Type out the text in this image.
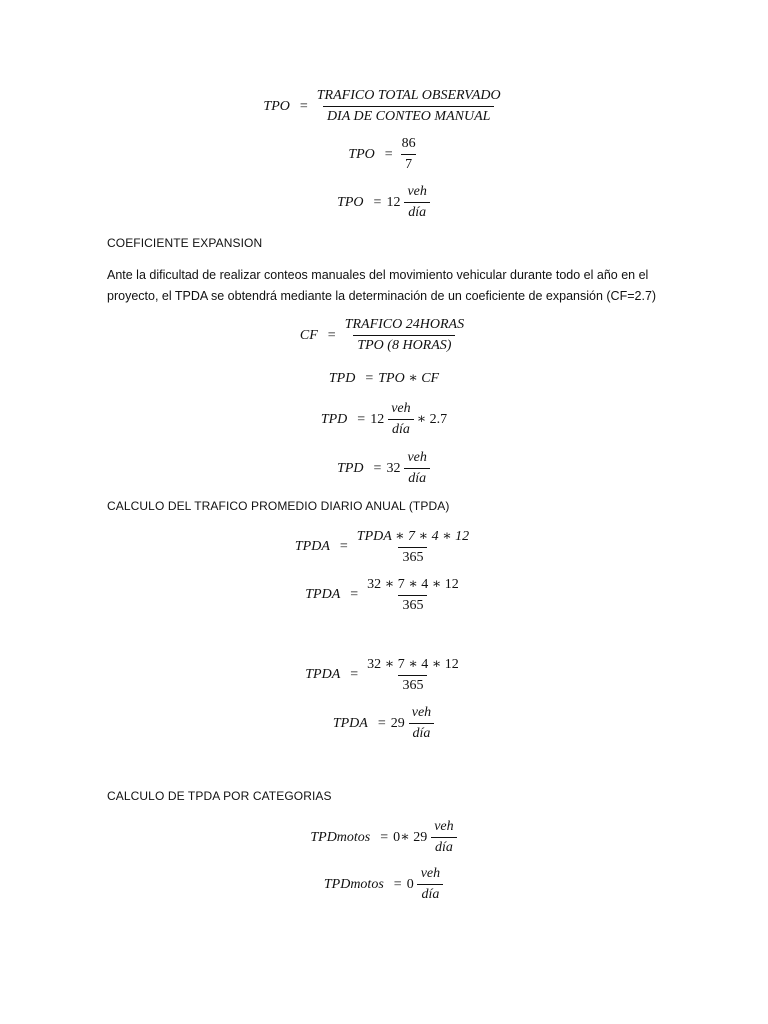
TPO = $\frac{\text{TRAFICO TOTAL OBSERVADO}}{\text{DIA DE CONTEO MANUAL}}$
TPO = $\frac{86}{7}$
TPO = $12 \frac{\text{veh}}{\text{día}}$
COEFICIENTE EXPANSION
Ante la dificultad de realizar conteos manuales del movimiento vehicular durante todo el año en el
proyecto, el TPDA se obtendrá mediante la determinación de un coeficiente de expansión (CF=2.7)
CF = $\frac{\text{TRAFICO 24HORAS}}{\text{TPO (8 HORAS)}}$
TPD = TPO ∗ CF
TPD = $12 \frac{\text{veh}}{\text{día}}$ ∗ 2.7
TPD = $32 \frac{\text{veh}}{\text{día}}$
CALCULO DEL TRAFICO PROMEDIO DIARIO ANUAL (TPDA)
TPDA = $\frac{\text{TPDA ∗ 7 ∗ 4 ∗ 12}}{365}$
TPDA = $\frac{32 ∗ 7 ∗ 4 ∗ 12}{365}$
TPDA = $\frac{32 ∗ 7 ∗ 4 ∗ 12}{365}$
TPDA = $29 \frac{\text{veh}}{\text{día}}$
CALCULO DE TPDA POR CATEGORIAS
TPDmotos = 0∗ $29 \frac{\text{veh}}{\text{día}}$
TPDmotos = $0 \frac{\text{veh}}{\text{día}}$
